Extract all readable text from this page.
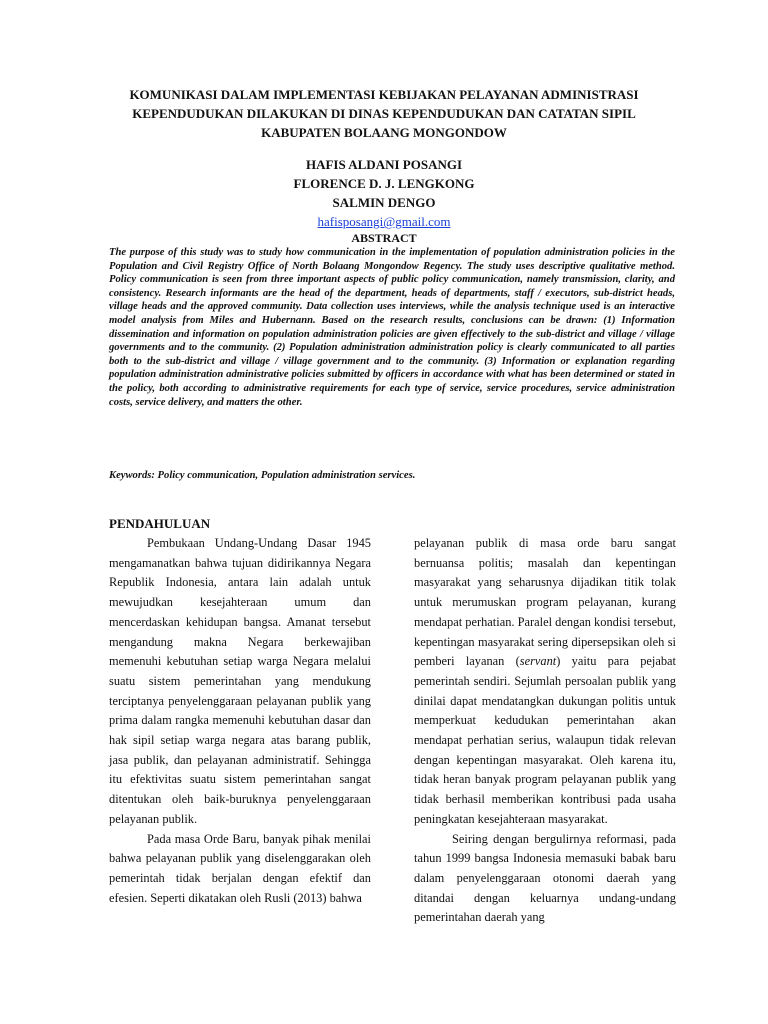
KOMUNIKASI DALAM IMPLEMENTASI KEBIJAKAN PELAYANAN ADMINISTRASI
KEPENDUDUKAN DILAKUKAN DI DINAS KEPENDUDUKAN DAN CATATAN SIPIL
KABUPATEN BOLAANG MONGONDOW
HAFIS ALDANI POSANGI
FLORENCE D. J. LENGKONG
SALMIN DENGO
hafisposangi@gmail.com
ABSTRACT

The purpose of this study was to study how communication in the implementation of population administration policies in the Population and Civil Registry Office of North Bolaang Mongondow Regency. The study uses descriptive qualitative method. Policy communication is seen from three important aspects of public policy communication, namely transmission, clarity, and consistency. Research informants are the head of the department, heads of departments, staff / executors, sub-district heads, village heads and the approved community. Data collection uses interviews, while the analysis technique used is an interactive model analysis from Miles and Hubernann. Based on the research results, conclusions can be drawn: (1) Information dissemination and information on population administration policies are given effectively to the sub-district and village / village governments and to the community. (2) Population administration administration policy is clearly communicated to all parties both to the sub-district and village / village government and to the community. (3) Information or explanation regarding population administration administrative policies submitted by officers in accordance with what has been determined or stated in the policy, both according to administrative requirements for each type of service, service procedures, service administration costs, service delivery, and matters the other.

Keywords: Policy communication, Population administration services.
PENDAHULUAN

Pembukaan Undang-Undang Dasar 1945 mengamanatkan bahwa tujuan didirikannya Negara Republik Indonesia, antara lain adalah untuk mewujudkan kesejahteraan umum dan mencerdaskan kehidupan bangsa. Amanat tersebut mengandung makna Negara berkewajiban memenuhi kebutuhan setiap warga Negara melalui suatu sistem pemerintahan yang mendukung terciptanya penyelenggaraan pelayanan publik yang prima dalam rangka memenuhi kebutuhan dasar dan hak sipil setiap warga negara atas barang publik, jasa publik, dan pelayanan administratif. Sehingga itu efektivitas suatu sistem pemerintahan sangat ditentukan oleh baik-buruknya penyelenggaraan pelayanan publik.

Pada masa Orde Baru, banyak pihak menilai bahwa pelayanan publik yang diselenggarakan oleh pemerintah tidak berjalan dengan efektif dan efesien. Seperti dikatakan oleh Rusli (2013) bahwa

pelayanan publik di masa orde baru sangat bernuansa politis; masalah dan kepentingan masyarakat yang seharusnya dijadikan titik tolak untuk merumuskan program pelayanan, kurang mendapat perhatian. Paralel dengan kondisi tersebut, kepentingan masyarakat sering dipersepsikan oleh si pemberi layanan (servant) yaitu para pejabat pemerintah sendiri. Sejumlah persoalan publik yang dinilai dapat mendatangkan dukungan politis untuk memperkuat kedudukan pemerintahan akan mendapat perhatian serius, walaupun tidak relevan dengan kepentingan masyarakat. Oleh karena itu, tidak heran banyak program pelayanan publik yang tidak berhasil memberikan kontribusi pada usaha peningkatan kesejahteraan masyarakat.

Seiring dengan bergulirnya reformasi, pada tahun 1999 bangsa Indonesia memasuki babak baru dalam penyelenggaraan otonomi daerah yang ditandai dengan keluarnya undang-undang pemerintahan daerah yang
